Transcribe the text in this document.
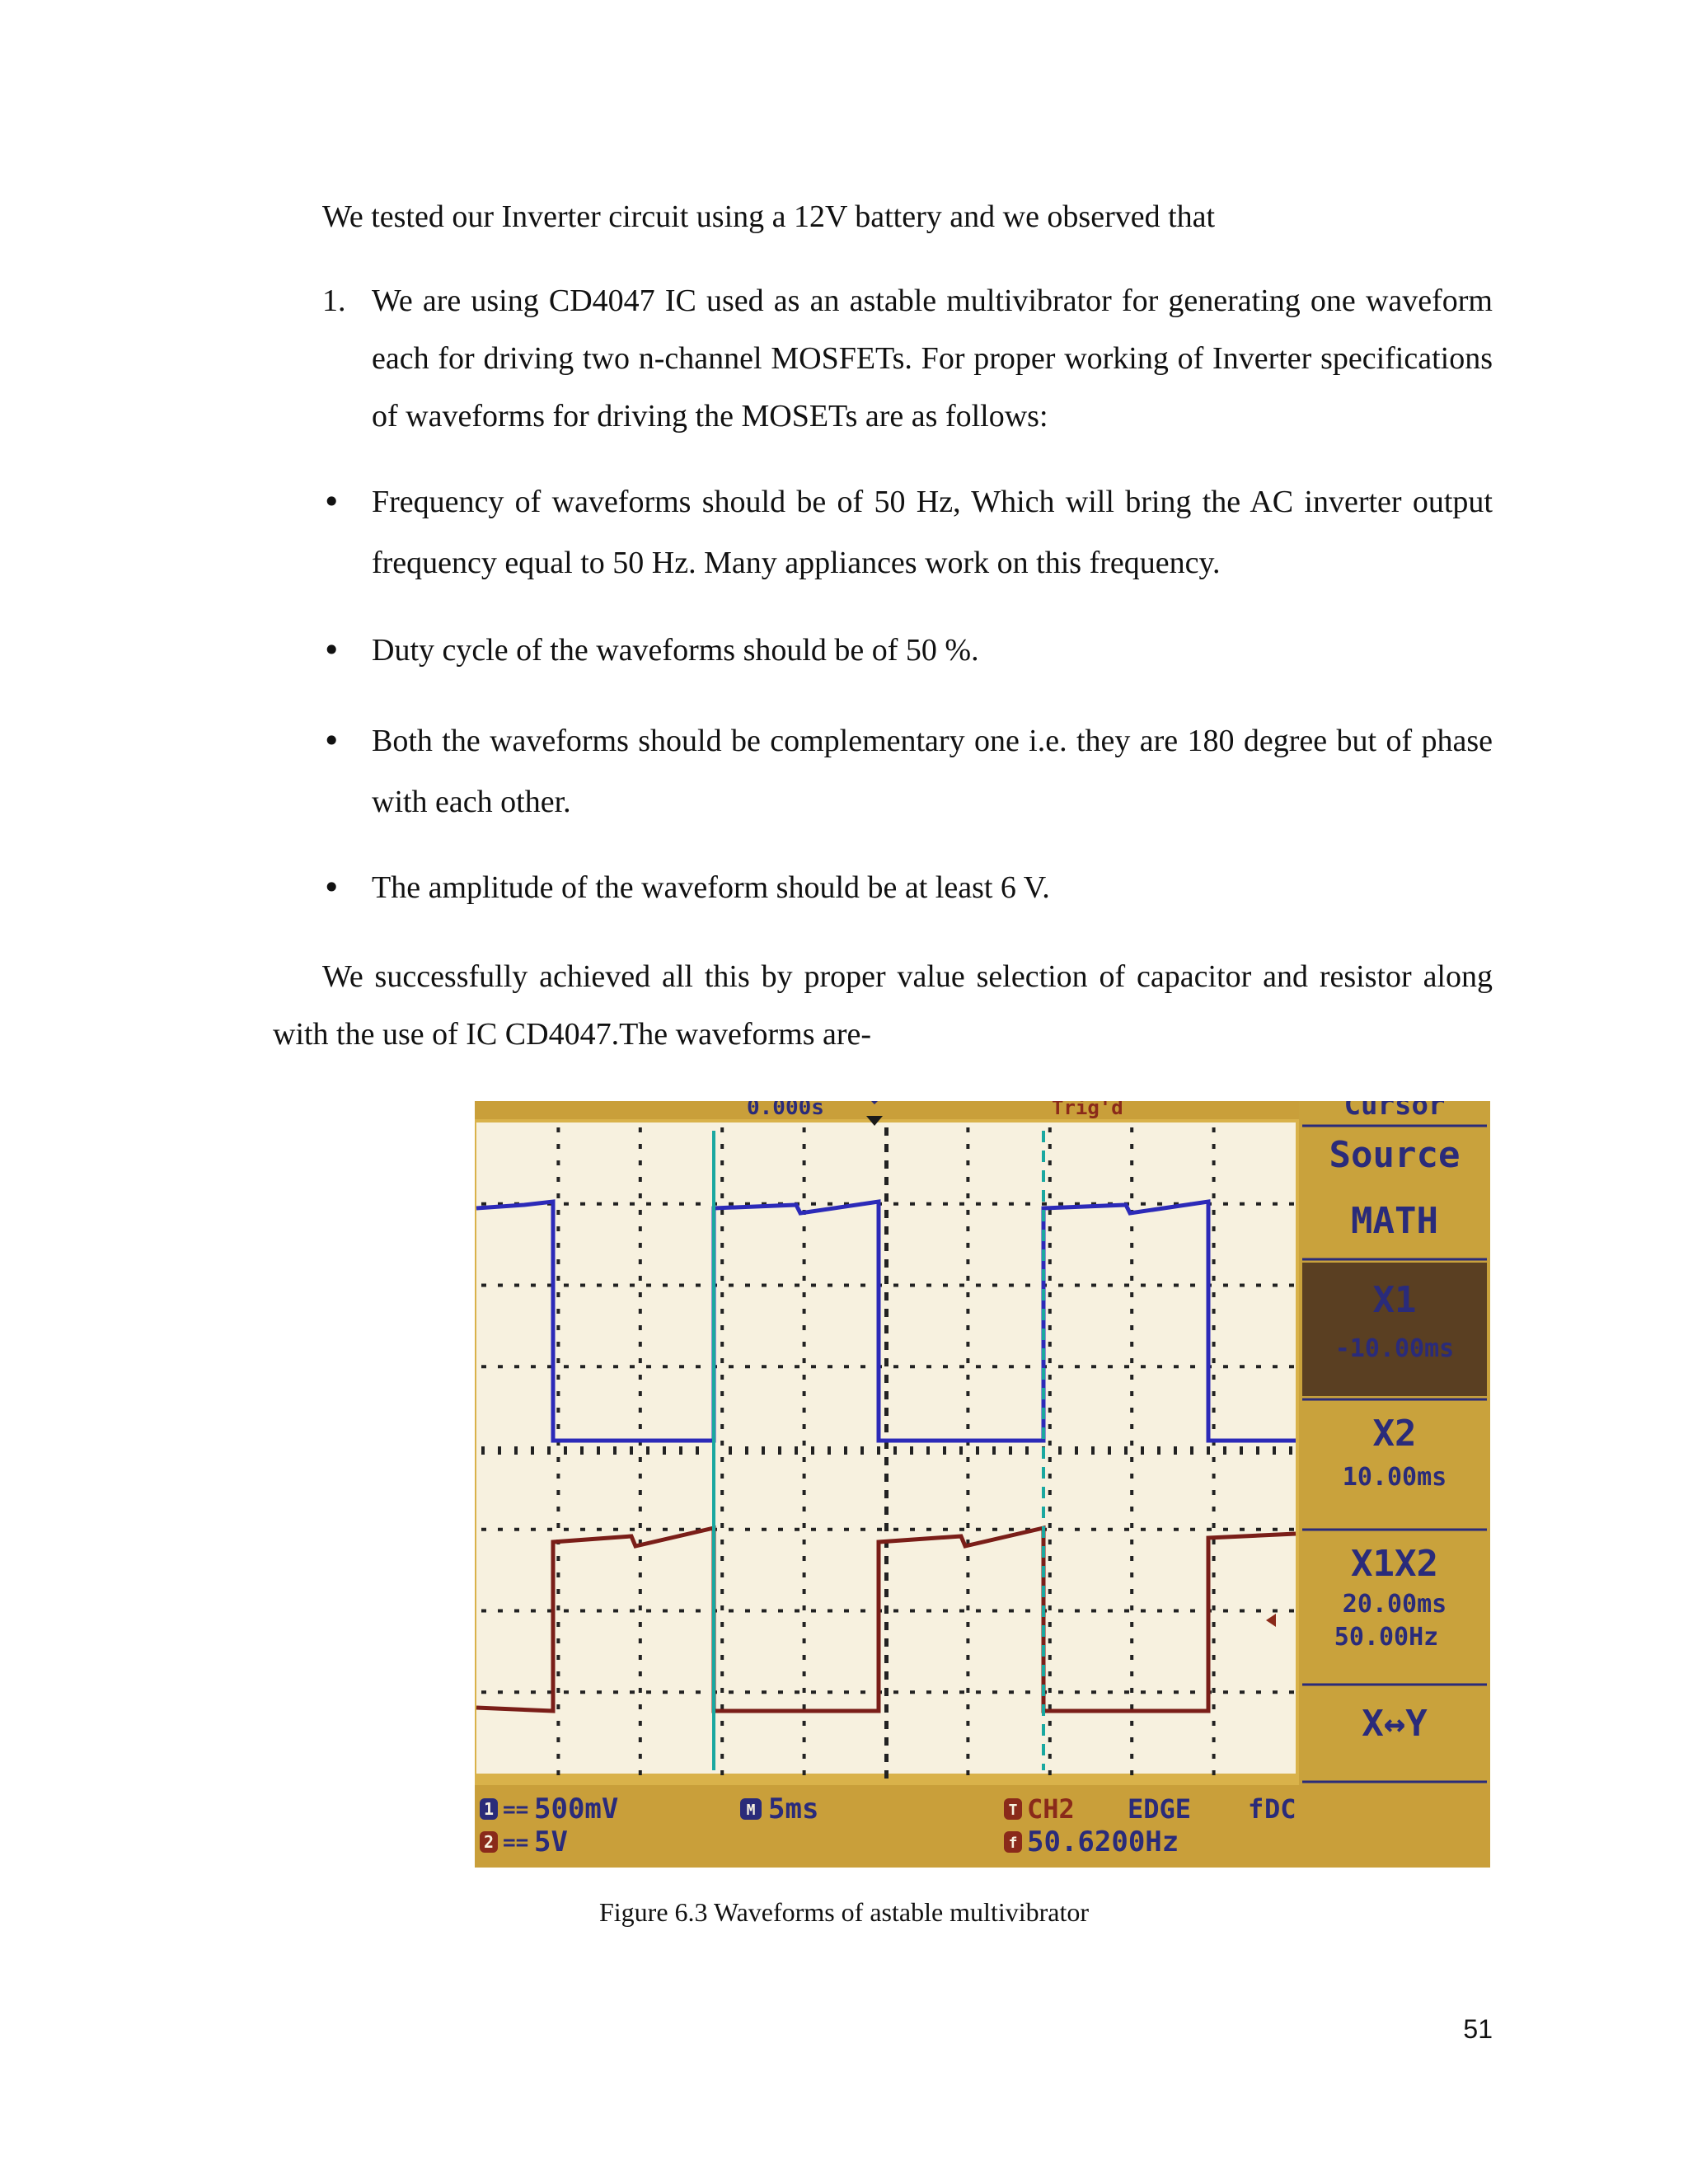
We tested our Inverter circuit using a 12V battery and we observed that
1. We are using CD4047 IC used as an astable multivibrator for generating one waveform each for driving two n-channel MOSFETs. For proper working of Inverter specifications of waveforms for driving the MOSETs are as follows:
• Frequency of waveforms should be of 50 Hz, Which will bring the AC inverter output frequency equal to 50 Hz. Many appliances work on this frequency.
• Duty cycle of the waveforms should be of 50 %.
• Both the waveforms should be complementary one i.e. they are 180 degree but of phase with each other.
• The amplitude of the waveform should be at least 6 V.
We successfully achieved all this by proper value selection of capacitor and resistor along with the use of IC CD4047.The waveforms are-
0.000s	Trig'd	Cursor
Source
MATH
X1
-10.00ms
X2
10.00ms
X1X2
20.00ms
50.00Hz
X↔Y
1 == 500mV
2 == 5V
M 5ms	T CH2 EDGE f DC
f 50.6200Hz
Figure 6.3 Waveforms of astable multivibrator
51
